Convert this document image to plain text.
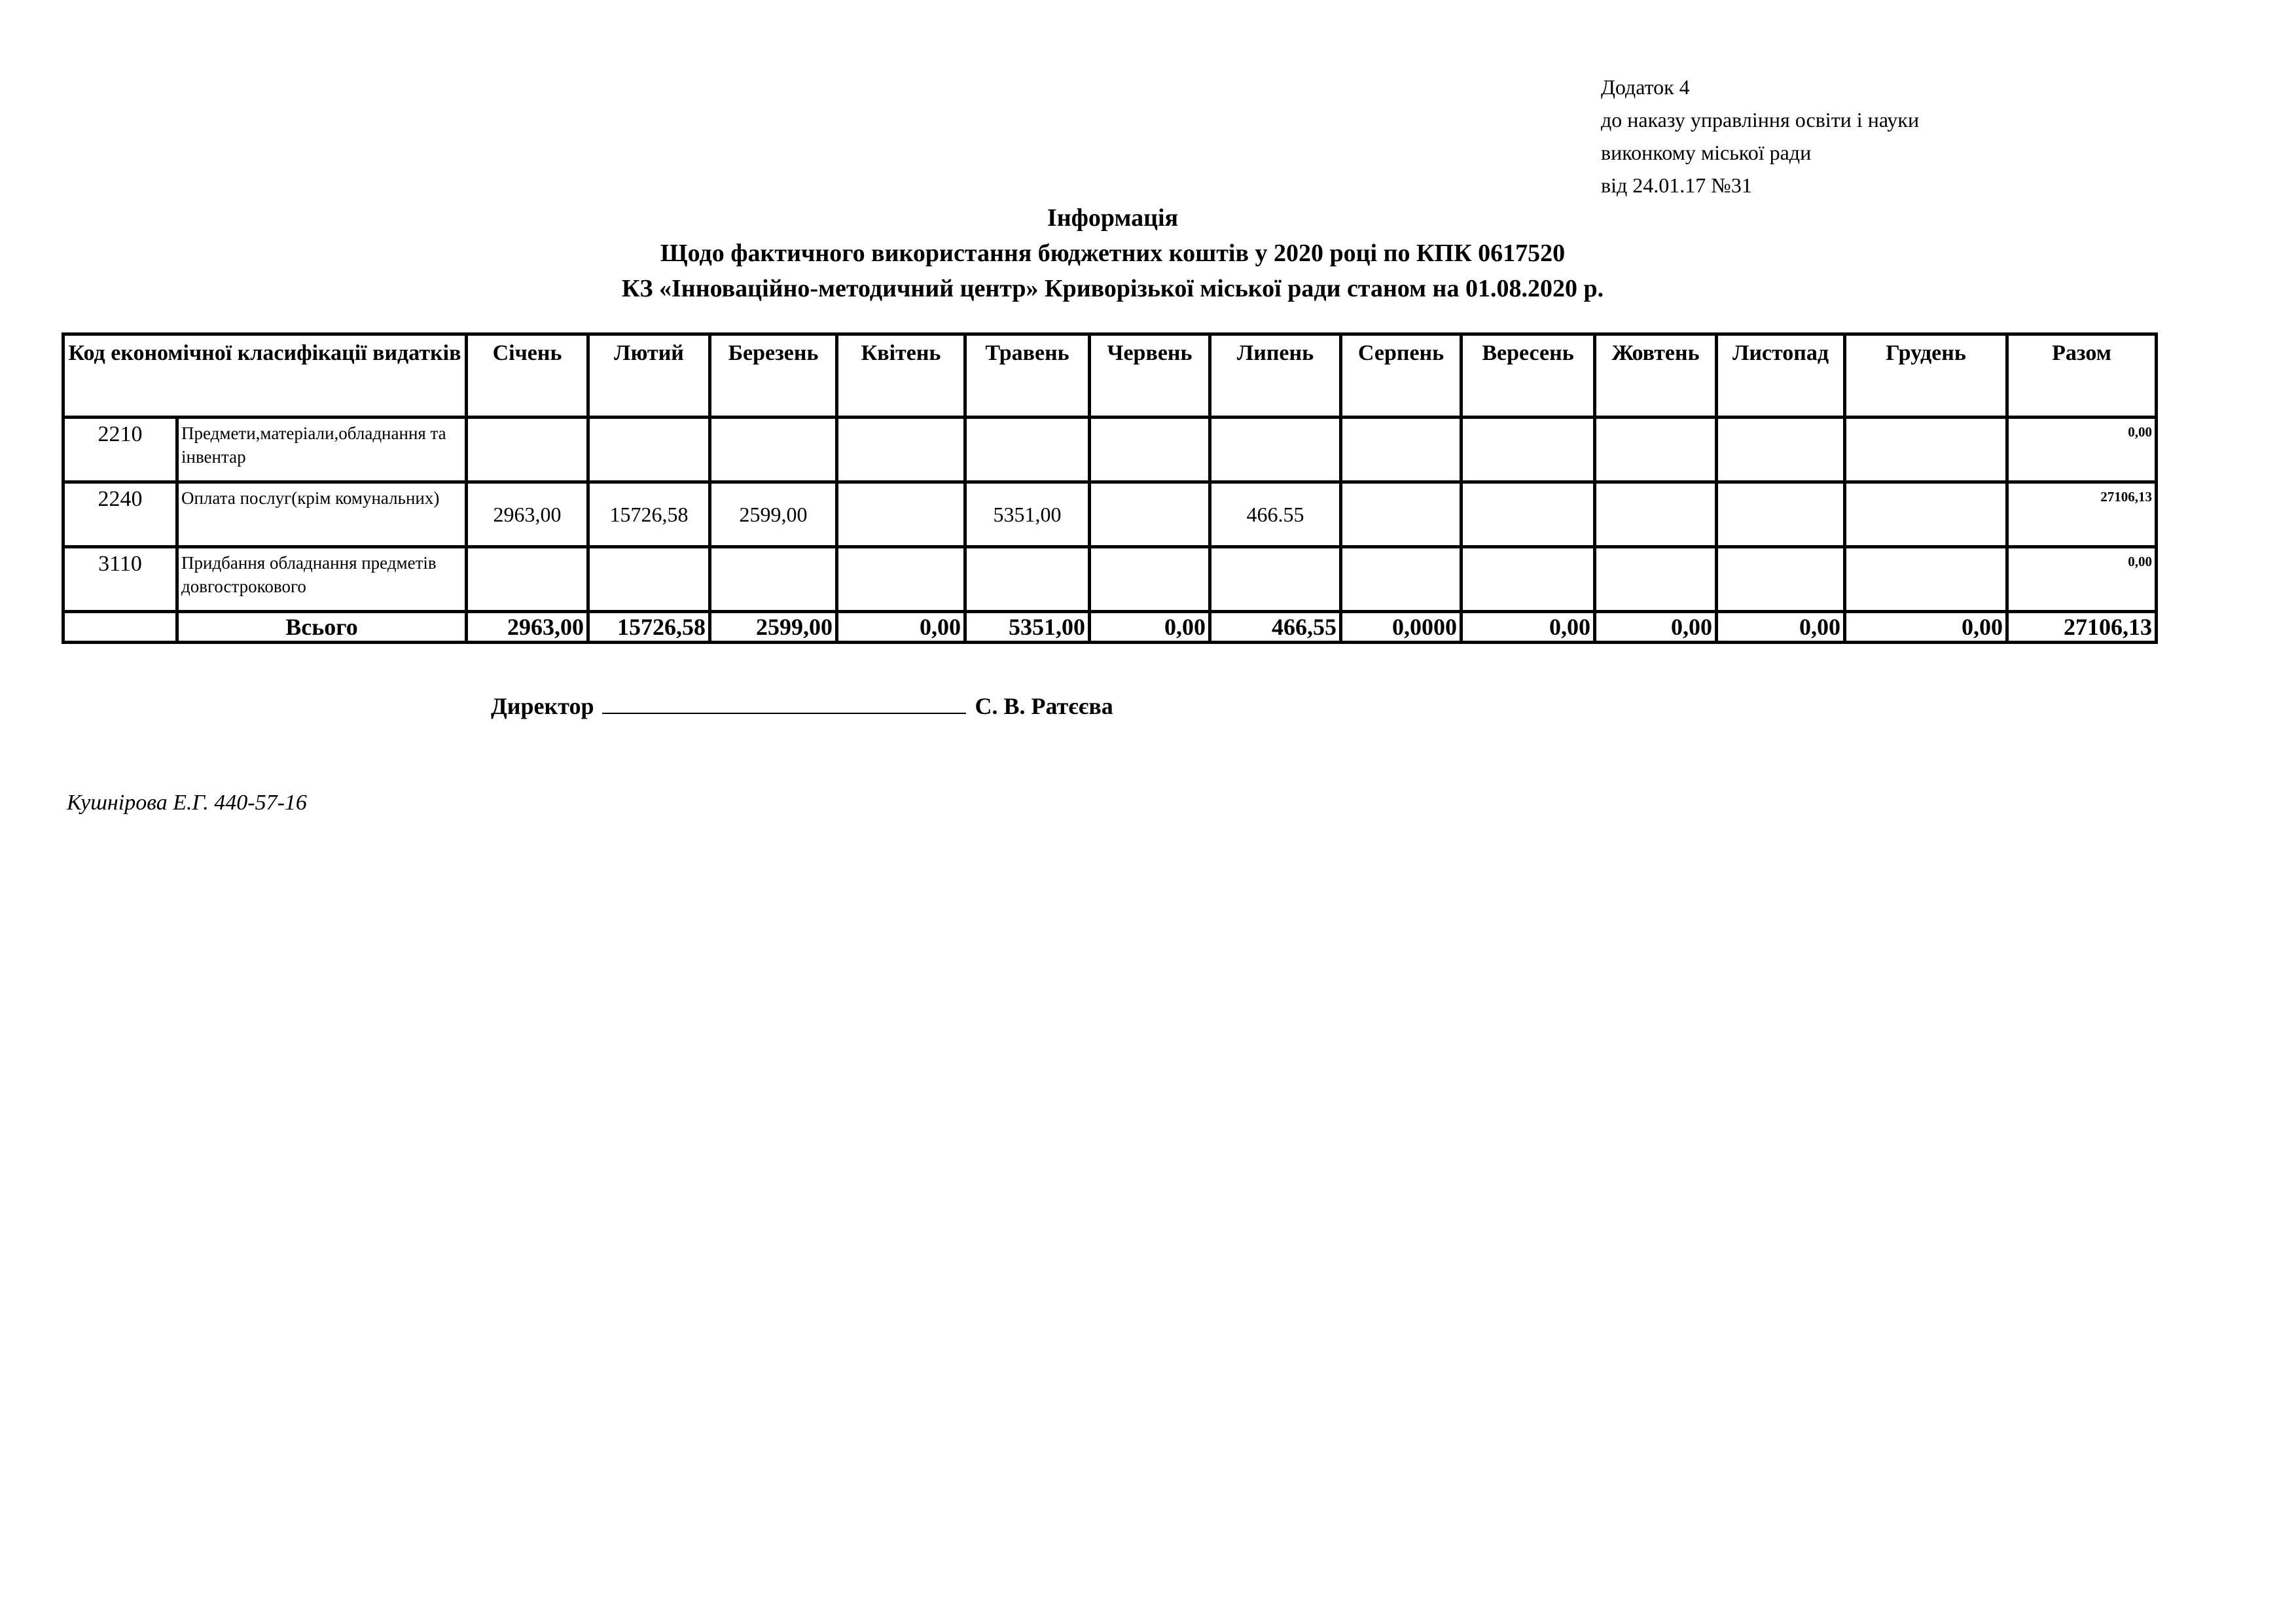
Додаток 4
до наказу управління освіти і науки
виконкому міської ради
від 24.01.17 №31
Інформація
Щодо фактичного використання бюджетних коштів у 2020 році по КПК 0617520
КЗ «Інноваційно-методичний центр» Криворізької міської ради станом на 01.08.2020 р.
Код економічної класифікації видатків		Січень	Лютий	Березень	Квітень	Травень	Червень	Липень	Серпень	Вересень	Жовтень	Листопад	Грудень	Разом
2210	Предмети,матеріали,обладнання та інвентар													0,00
2240	Оплата послуг(крім комунальних)	2963,00	15726,58	2599,00		5351,00		466.55						27106,13
3110	Придбання обладнання предметів довгострокового													0,00
	Всього	2963,00	15726,58	2599,00	0,00	5351,00	0,00	466,55	0,0000	0,00	0,00	0,00	0,00	27106,13
Директор	С. В. Ратєєва
Кушнірова Е.Г. 440-57-16
